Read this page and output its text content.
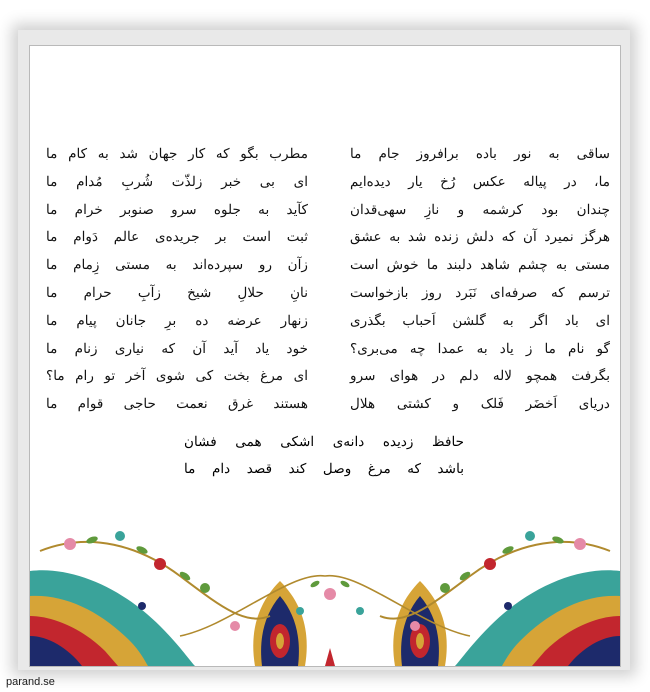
ساقی به نور باده برافروز جام ما
مطرب بگو که کار جهان شد به کام ما
ما، در پیاله عکس رُخ یار دیده‌ایم
ای بی خبر زلذّت شُربِ مُدام ما
چندان بود کرشمه و نازِ سهی‌قدان
کآید به جلوه سرو صنوبر خرام ما
هرگز نمیرد آن که دلش زنده شد به عشق
ثبت است بر جریده‌ی عالم دَوام ما
مستی به چشم شاهد دلبند ما خوش است
زآن رو سپرده‌اند به مستی زِمام ما
ترسم که صرفه‌ای نَبَرد روز بازخواست
نانِ حلالِ شیخ زآبِ حرام ما
ای باد اگر به گلشن اَحباب بگذری
زنهار عرضه ده برِ جانان پیام ما
گو نام ما ز یاد به عمدا چه می‌بری؟
خود یاد آید آن که نیاری زنام ما
بگرفت همچو لاله دلم در هوای سرو
ای مرغ بخت کی شوی آخر تو رام ما؟
دریای اَخضَر فَلک و کشتی هلال
هستند غرق نعمت حاجی قوام ما
حافظ زدیده دانه‌ی اشکی همی فشان
باشد که مرغ وصل کند قصد دام ما
parand.se
